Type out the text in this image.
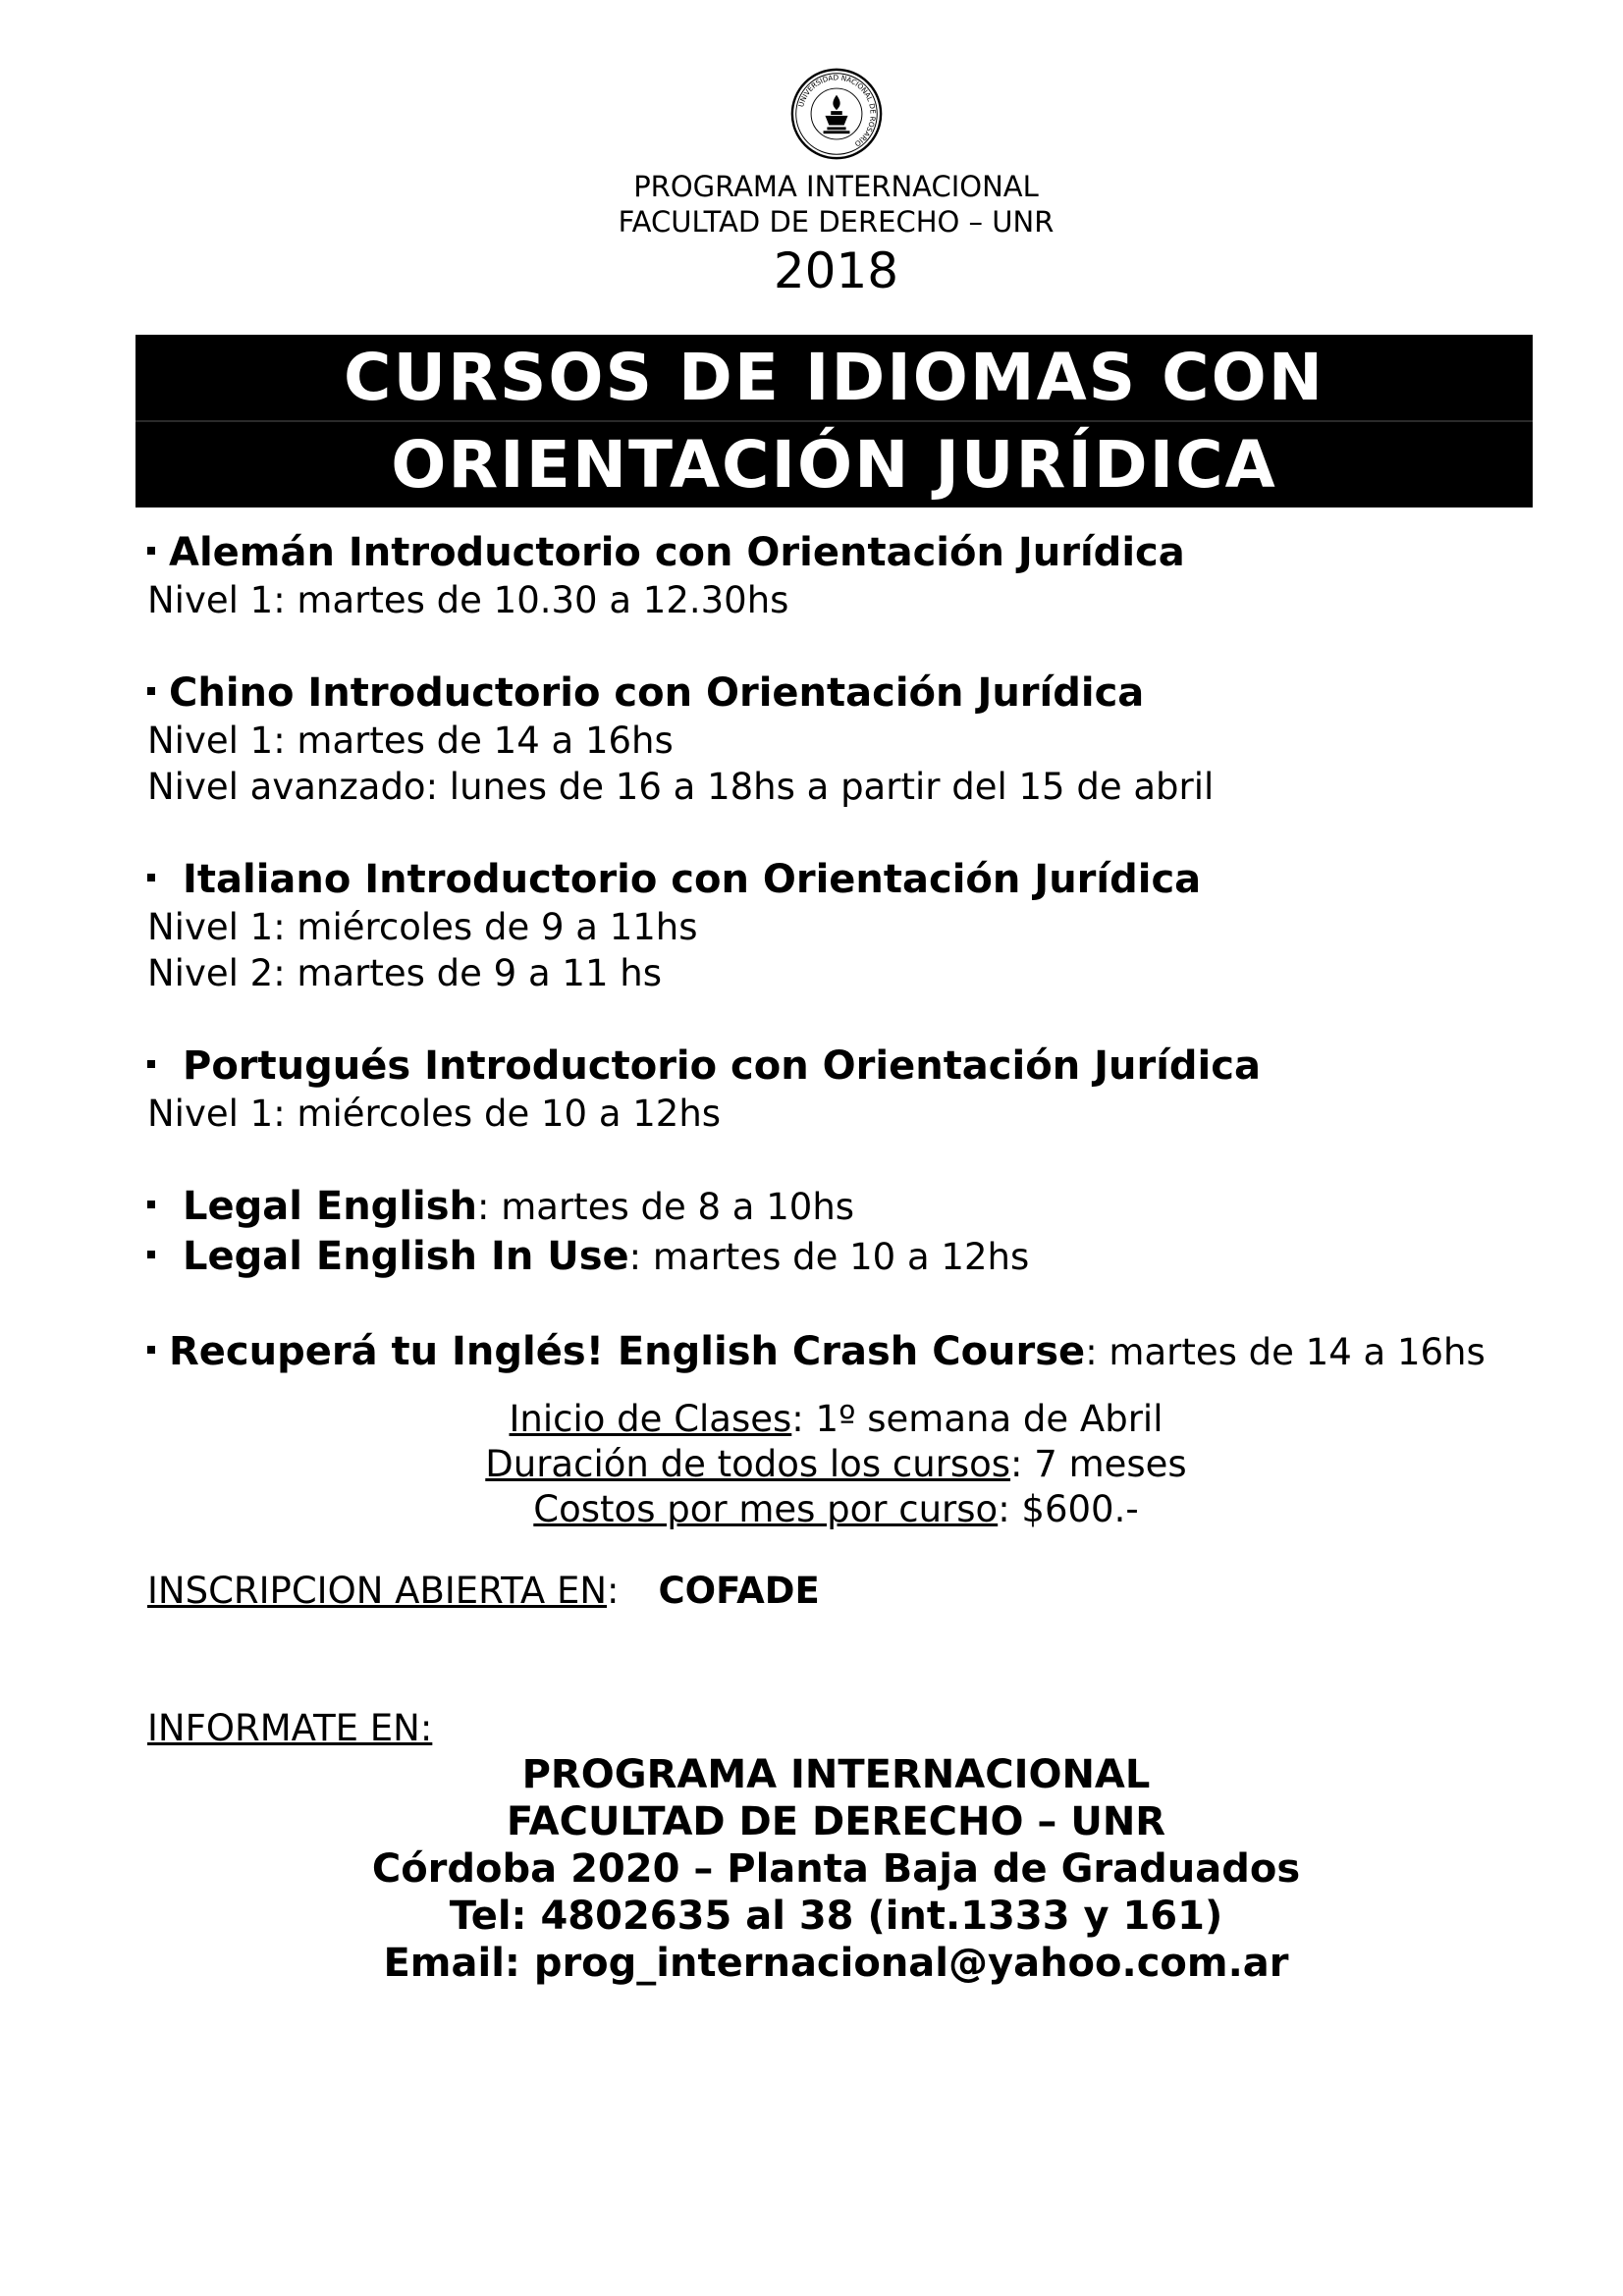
UNIVERSIDAD NACIONAL DE ROSARIO
-
PROGRAMA INTERNACIONAL
FACULTAD DE DERECHO – UNR
2018
CURSOS DE IDIOMAS CON
ORIENTACIÓN JURÍDICA
Alemán Introductorio con Orientación Jurídica
Nivel 1: martes de 10.30 a 12.30hs
Chino Introductorio con Orientación Jurídica
Nivel 1: martes de 14 a 16hs
Nivel avanzado: lunes de 16 a 18hs a partir del 15 de abril
Italiano Introductorio con Orientación Jurídica
Nivel 1: miércoles de 9 a 11hs
Nivel 2: martes de 9 a 11 hs
Portugués Introductorio con Orientación Jurídica
Nivel 1: miércoles de 10 a 12hs
Legal English: martes de 8 a 10hs
Legal English In Use: martes de 10 a 12hs
Recuperá tu Inglés! English Crash Course: martes de 14 a 16hs
Inicio de Clases: 1º semana de Abril
Duración de todos los cursos: 7 meses
Costos por mes por curso: $600.-
INSCRIPCION ABIERTA EN: COFADE
INFORMATE EN:
PROGRAMA INTERNACIONAL
FACULTAD DE DERECHO – UNR
Córdoba 2020 – Planta Baja de Graduados
Tel: 4802635 al 38 (int.1333 y 161)
Email: prog_internacional@yahoo.com.ar
